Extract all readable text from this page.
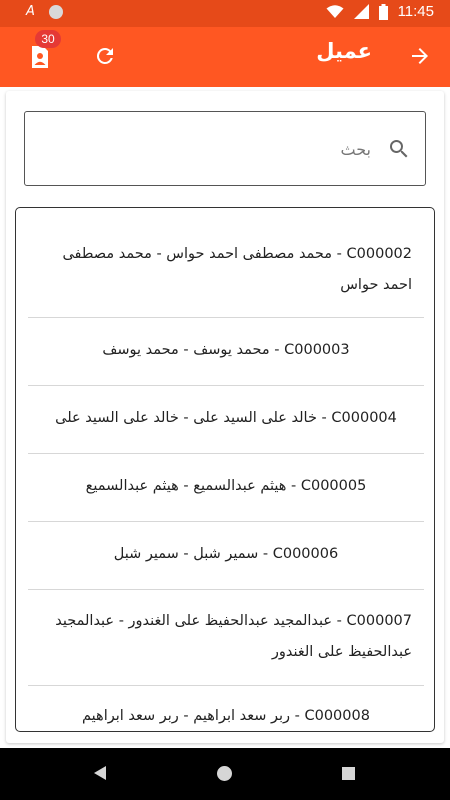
A	11:45
30	عميل
بحث
C000002 - محمد مصطفى احمد حواس - محمد مصطفى احمد حواس
C000003 - محمد يوسف - محمد يوسف
C000004 - خالد على السيد على - خالد على السيد على
C000005 - هيثم عبدالسميع - هيثم عبدالسميع
C000006 - سمير شبل - سمير شبل
C000007 - عبدالمجيد عبدالحفيظ على الغندور - عبدالمجيد عبدالحفيظ على الغندور
C000008 - ربر سعد ابراهيم - ربر سعد ابراهيم
